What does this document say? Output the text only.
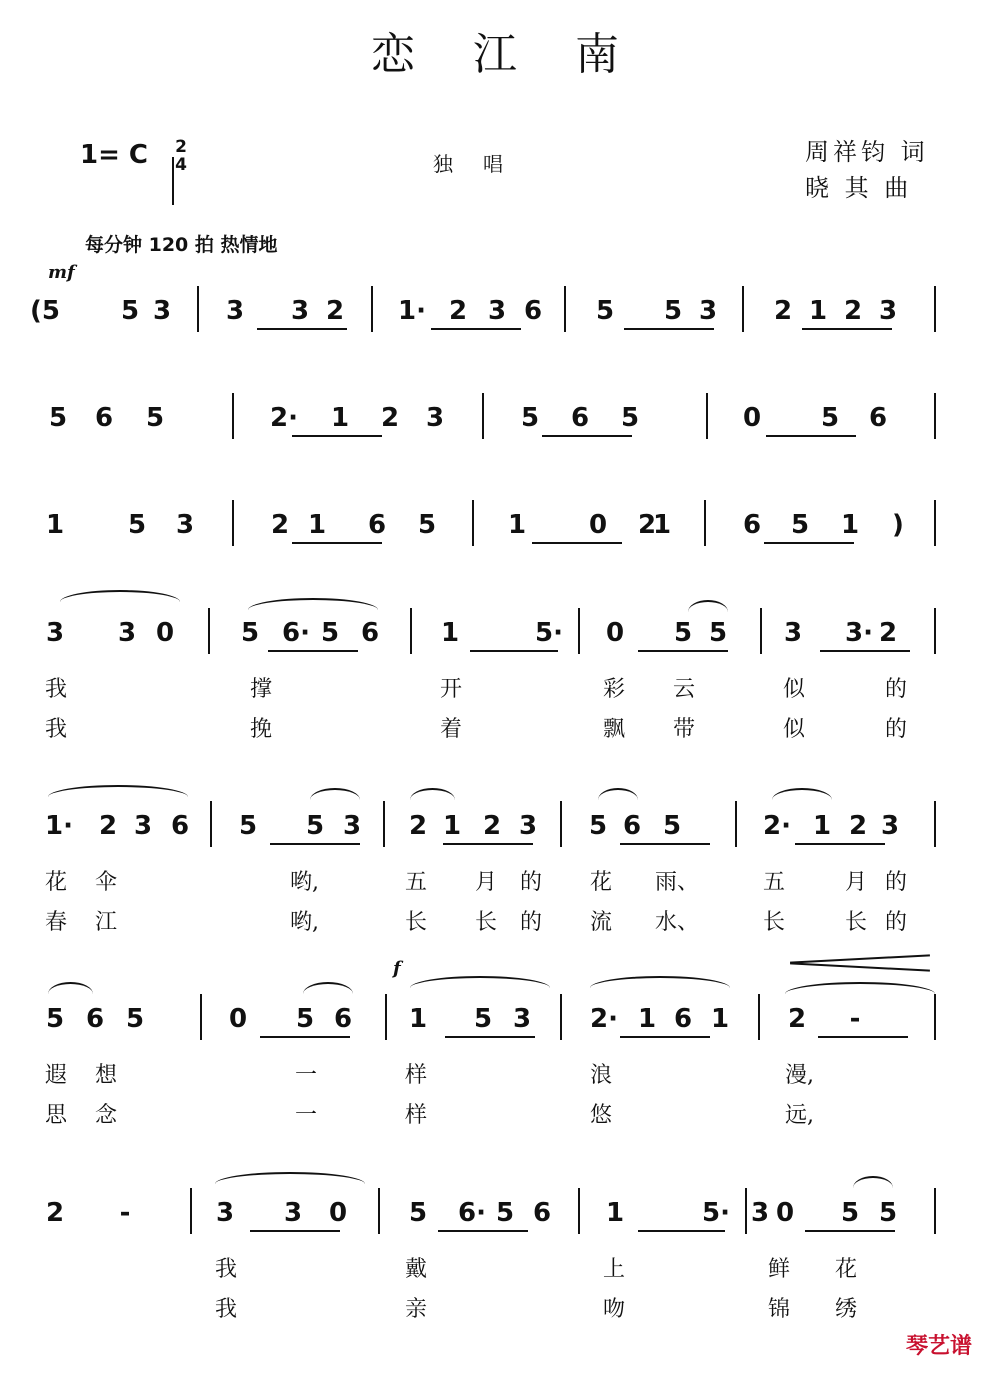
恋江南
1= C 2
4	独唱	周祥钧 词
晓 其 曲
每分钟 120 拍 热情地
mf
(5 5 3 3 3 2 1· 2 3 6 5 5 3 2 1 2 3
5 6 5	2· 1 2 3	5 6 5	0 5 6
1 5 3	2 1 6 5	1 0 2
1	6 5 1 )
3 3 0	5 6· 5 6 1	5· 0 5 5 3 3· 2
我	撑	开	彩 云	似	的
我	挽	着	飘 带	似	的
1· 2 3 6 5 5 3 2 1 2 3 5 6 5	2· 1 2 3
花 伞	哟,	五 月 的 花 雨、	五	月 的
春 江	哟,	长 长 的 流 水、	长	长 的
5 6 5	0 5 6 1 5 3 2· 1 6 1 2 -
遐 想	一	样	浪	漫,
思 念	一	样	悠	远,
2 -	3 3 0 5 6· 5 6 1	5· 0 5 5
3
我	戴	上	鲜 花
我	亲	吻	锦 绣
f
琴艺谱
